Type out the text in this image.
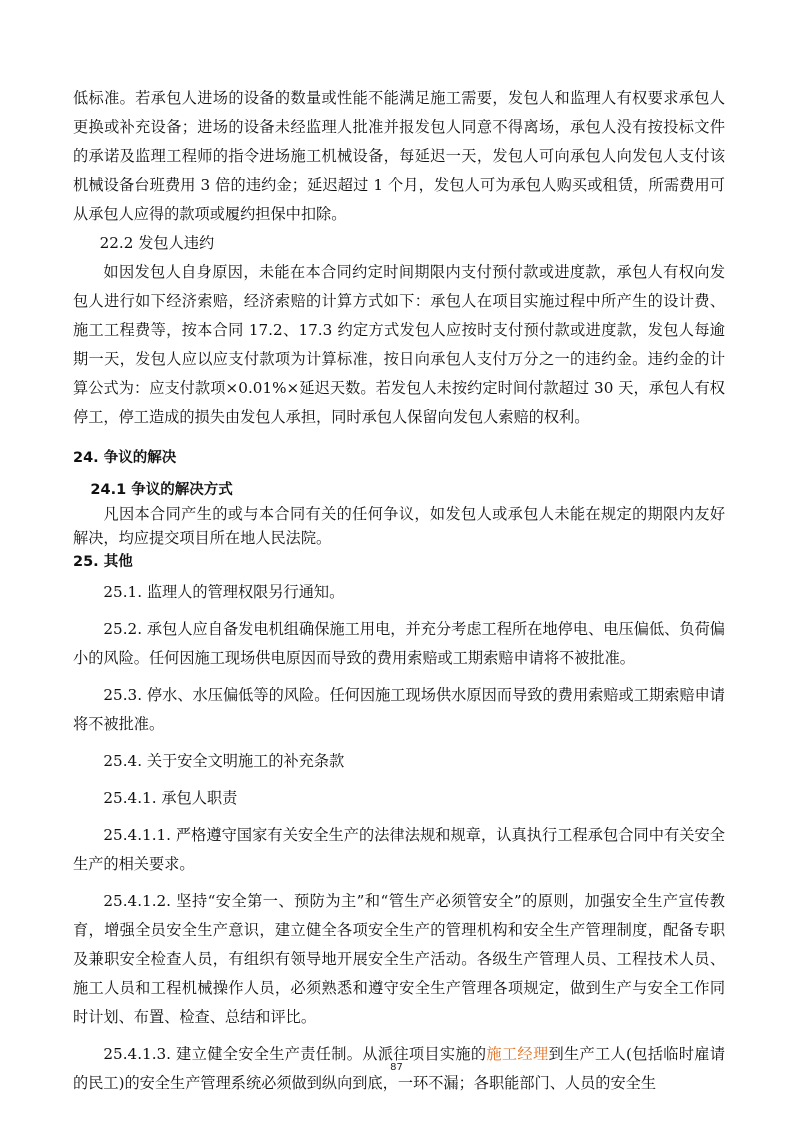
低标准。若承包人进场的设备的数量或性能不能满足施工需要，发包人和监理人有权要求承包人更换或补充设备；进场的设备未经监理人批准并报发包人同意不得离场，承包人没有按投标文件的承诺及监理工程师的指令进场施工机械设备，每延迟一天，发包人可向承包人向发包人支付该机械设备台班费用 3 倍的违约金；延迟超过 1 个月，发包人可为承包人购买或租赁，所需费用可从承包人应得的款项或履约担保中扣除。

22.2 发包人违约

如因发包人自身原因，未能在本合同约定时间期限内支付预付款或进度款，承包人有权向发包人进行如下经济索赔，经济索赔的计算方式如下：承包人在项目实施过程中所产生的设计费、施工工程费等，按本合同 17.2、17.3 约定方式发包人应按时支付预付款或进度款，发包人每逾期一天，发包人应以应支付款项为计算标准，按日向承包人支付万分之一的违约金。违约金的计算公式为：应支付款项×0.01%×延迟天数。若发包人未按约定时间付款超过 30 天，承包人有权停工，停工造成的损失由发包人承担，同时承包人保留向发包人索赔的权利。

24. 争议的解决

24.1 争议的解决方式

凡因本合同产生的或与本合同有关的任何争议，如发包人或承包人未能在规定的期限内友好解决，均应提交项目所在地人民法院。

25. 其他

25.1. 监理人的管理权限另行通知。

25.2. 承包人应自备发电机组确保施工用电，并充分考虑工程所在地停电、电压偏低、负荷偏小的风险。任何因施工现场供电原因而导致的费用索赔或工期索赔申请将不被批准。

25.3. 停水、水压偏低等的风险。任何因施工现场供水原因而导致的费用索赔或工期索赔申请将不被批准。

25.4. 关于安全文明施工的补充条款

25.4.1. 承包人职责

25.4.1.1. 严格遵守国家有关安全生产的法律法规和规章，认真执行工程承包合同中有关安全生产的相关要求。

25.4.1.2. 坚持“安全第一、预防为主”和“管生产必须管安全”的原则，加强安全生产宣传教育，增强全员安全生产意识，建立健全各项安全生产的管理机构和安全生产管理制度，配备专职及兼职安全检查人员，有组织有领导地开展安全生产活动。各级生产管理人员、工程技术人员、施工人员和工程机械操作人员，必须熟悉和遵守安全生产管理各项规定，做到生产与安全工作同时计划、布置、检查、总结和评比。

25.4.1.3. 建立健全安全生产责任制。从派往项目实施的施工经理到生产工人(包括临时雇请的民工)的安全生产管理系统必须做到纵向到底，一环不漏；各职能部门、人员的安全生

87
